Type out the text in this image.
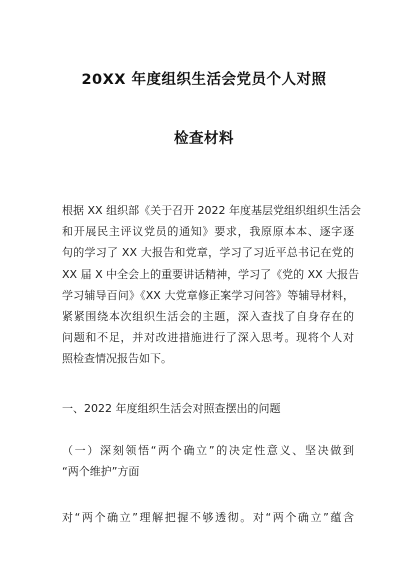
20XX 年度组织生活会党员个人对照
检查材料
根据 XX 组织部《关于召开 2022 年度基层党组织组织生活会
和开展民主评议党员的通知》要求，我原原本本、逐字逐
句的学习了 XX 大报告和党章，学习了习近平总书记在党的
XX 届 X 中全会上的重要讲话精神，学习了《党的 XX 大报告
学习辅导百问》《XX 大党章修正案学习问答》等辅导材料，
紧紧围绕本次组织生活会的主题，深入查找了自身存在的
问题和不足，并对改进措施进行了深入思考。现将个人对
照检查情况报告如下。
一、2022 年度组织生活会对照查摆出的问题
（一）深刻领悟“两个确立”的决定性意义、坚决做到
“两个维护”方面
对“两个确立”理解把握不够透彻。对“两个确立”蕴含
